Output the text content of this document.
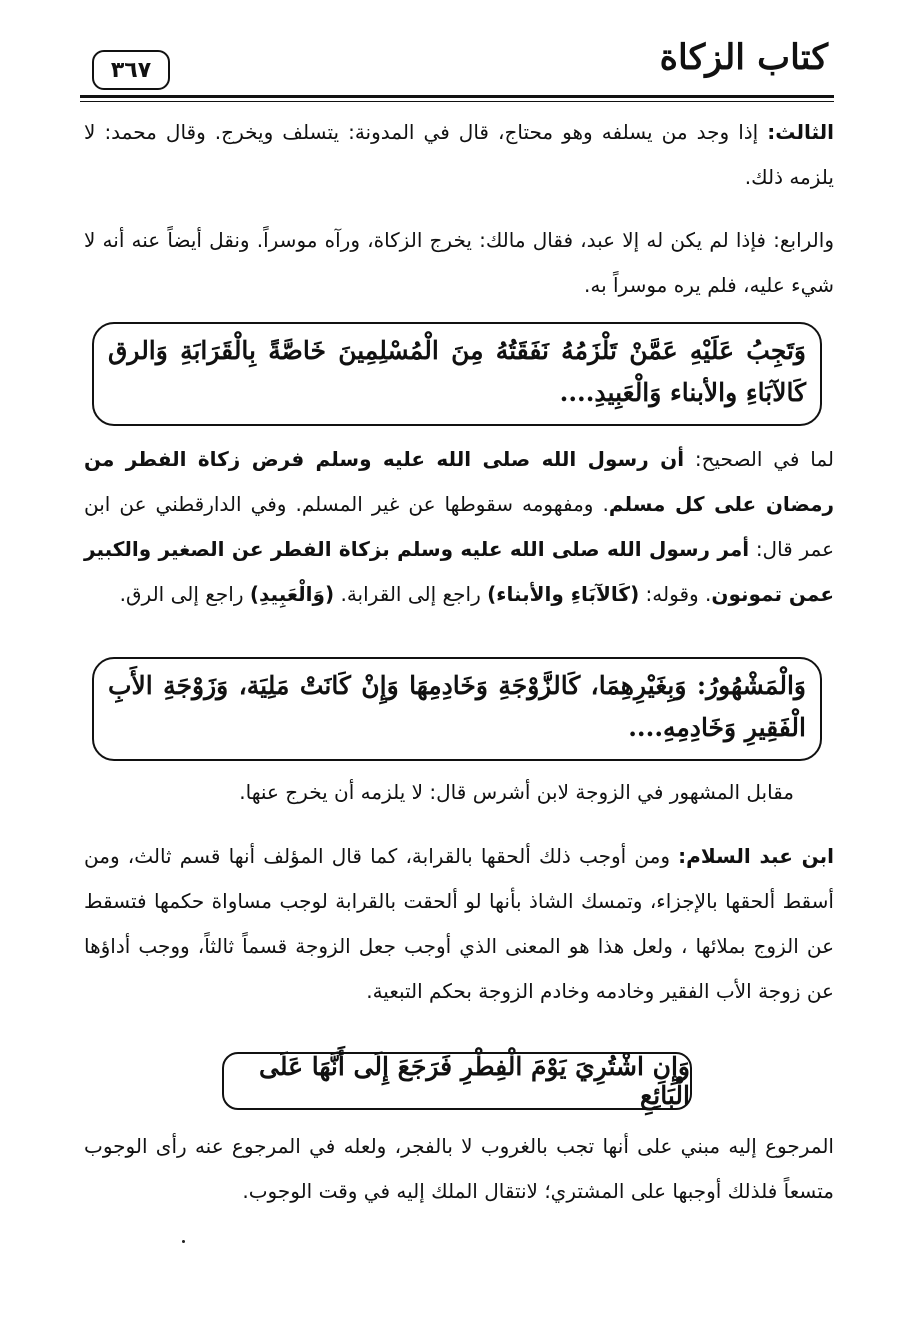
كتاب الزكاة
٣٦٧
الثالث: إذا وجد من يسلفه وهو محتاج، قال في المدونة: يتسلف ويخرج. وقال محمد: لا يلزمه ذلك.
والرابع: فإذا لم يكن له إلا عبد، فقال مالك: يخرج الزكاة، ورآه موسراً. ونقل أيضاً عنه أنه لا شيء عليه، فلم يره موسراً به.
وَتَجِبُ عَلَيْهِ عَمَّنْ تَلْزَمُهُ نَفَقَتُهُ مِنَ الْمُسْلِمِينَ خَاصَّةً بِالْقَرَابَةِ وَالرق كَالآبَاءِ والأبناء وَالْعَبِيدِ....
لما في الصحيح: أن رسول الله صلى الله عليه وسلم فرض زكاة الفطر من رمضان على كل مسلم. ومفهومه سقوطها عن غير المسلم. وفي الدارقطني عن ابن عمر قال: أمر رسول الله صلى الله عليه وسلم بزكاة الفطر عن الصغير والكبير عمن تمونون. وقوله: (كَالآبَاءِ والأبناء) راجع إلى القرابة. (وَالْعَبِيدِ) راجع إلى الرق.
وَالْمَشْهُورُ: وَبِغَيْرِهِمَا، كَالزَّوْجَةِ وَخَادِمِهَا وَإِنْ كَانَتْ مَلِيَة، وَزَوْجَةِ الأَبِ الْفَقِيرِ وَخَادِمِهِ....
مقابل المشهور في الزوجة لابن أشرس قال: لا يلزمه أن يخرج عنها.
ابن عبد السلام: ومن أوجب ذلك ألحقها بالقرابة، كما قال المؤلف أنها قسم ثالث، ومن أسقط ألحقها بالإجزاء، وتمسك الشاذ بأنها لو ألحقت بالقرابة لوجب مساواة حكمها فتسقط عن الزوج بملائها ، ولعل هذا هو المعنى الذي أوجب جعل الزوجة قسماً ثالثاً، ووجب أداؤها عن زوجة الأب الفقير وخادمه وخادم الزوجة بحكم التبعية.
وَإِنِ اشْتُرِيَ يَوْمَ الْفِطْرِ فَرَجَعَ إِلَى أَنَّهَا عَلَى الْبَائِعِ
المرجوع إليه مبني على أنها تجب بالغروب لا بالفجر، ولعله في المرجوع عنه رأى الوجوب متسعاً فلذلك أوجبها على المشتري؛ لانتقال الملك إليه في وقت الوجوب.
